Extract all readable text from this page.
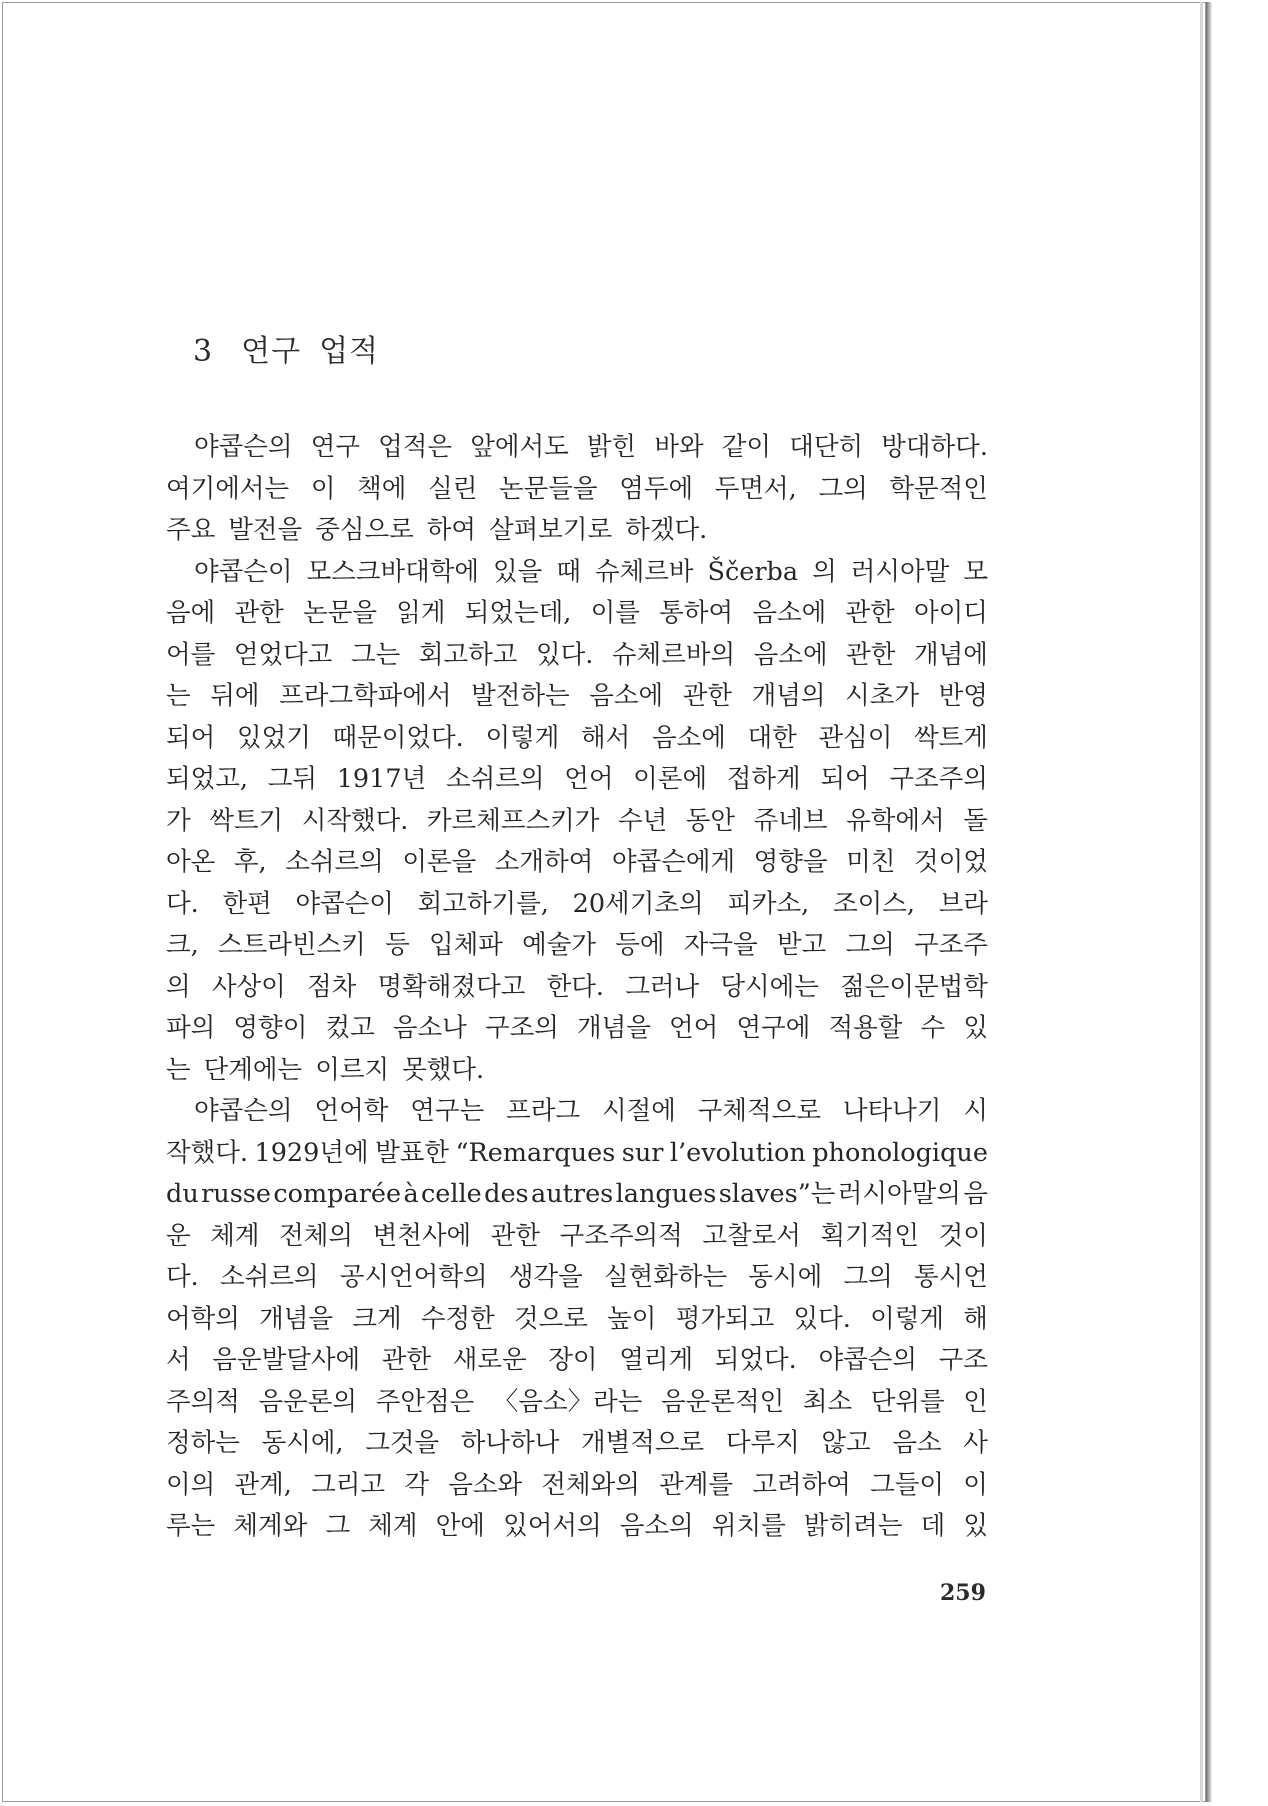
3 연구 업적
야콥슨의 연구 업적은 앞에서도 밝힌 바와 같이 대단히 방대하다.
여기에서는 이 책에 실린 논문들을 염두에 두면서, 그의 학문적인
주요 발전을 중심으로 하여 살펴보기로 하겠다.
야콥슨이 모스크바대학에 있을 때 슈체르바 Ščerba 의 러시아말 모
음에 관한 논문을 읽게 되었는데, 이를 통하여 음소에 관한 아이디
어를 얻었다고 그는 회고하고 있다. 슈체르바의 음소에 관한 개념에
는 뒤에 프라그학파에서 발전하는 음소에 관한 개념의 시초가 반영
되어 있었기 때문이었다. 이렇게 해서 음소에 대한 관심이 싹트게
되었고, 그뒤 1917년 소쉬르의 언어 이론에 접하게 되어 구조주의
가 싹트기 시작했다. 카르체프스키가 수년 동안 쥬네브 유학에서 돌
아온 후, 소쉬르의 이론을 소개하여 야콥슨에게 영향을 미친 것이었
다. 한편 야콥슨이 회고하기를, 20세기초의 피카소, 조이스, 브라
크, 스트라빈스키 등 입체파 예술가 등에 자극을 받고 그의 구조주
의 사상이 점차 명확해졌다고 한다. 그러나 당시에는 젊은이문법학
파의 영향이 컸고 음소나 구조의 개념을 언어 연구에 적용할 수 있
는 단계에는 이르지 못했다.
야콥슨의 언어학 연구는 프라그 시절에 구체적으로 나타나기 시
작했다. 1929년에 발표한 “Remarques sur l’evolution phonologique
du russe comparée à celle des autres langues slaves”는 러시아말의 음
운 체계 전체의 변천사에 관한 구조주의적 고찰로서 획기적인 것이
다. 소쉬르의 공시언어학의 생각을 실현화하는 동시에 그의 통시언
어학의 개념을 크게 수정한 것으로 높이 평가되고 있다. 이렇게 해
서 음운발달사에 관한 새로운 장이 열리게 되었다. 야콥슨의 구조
주의적 음운론의 주안점은 〈음소〉라는 음운론적인 최소 단위를 인
정하는 동시에, 그것을 하나하나 개별적으로 다루지 않고 음소 사
이의 관계, 그리고 각 음소와 전체와의 관계를 고려하여 그들이 이
루는 체계와 그 체계 안에 있어서의 음소의 위치를 밝히려는 데 있
259
